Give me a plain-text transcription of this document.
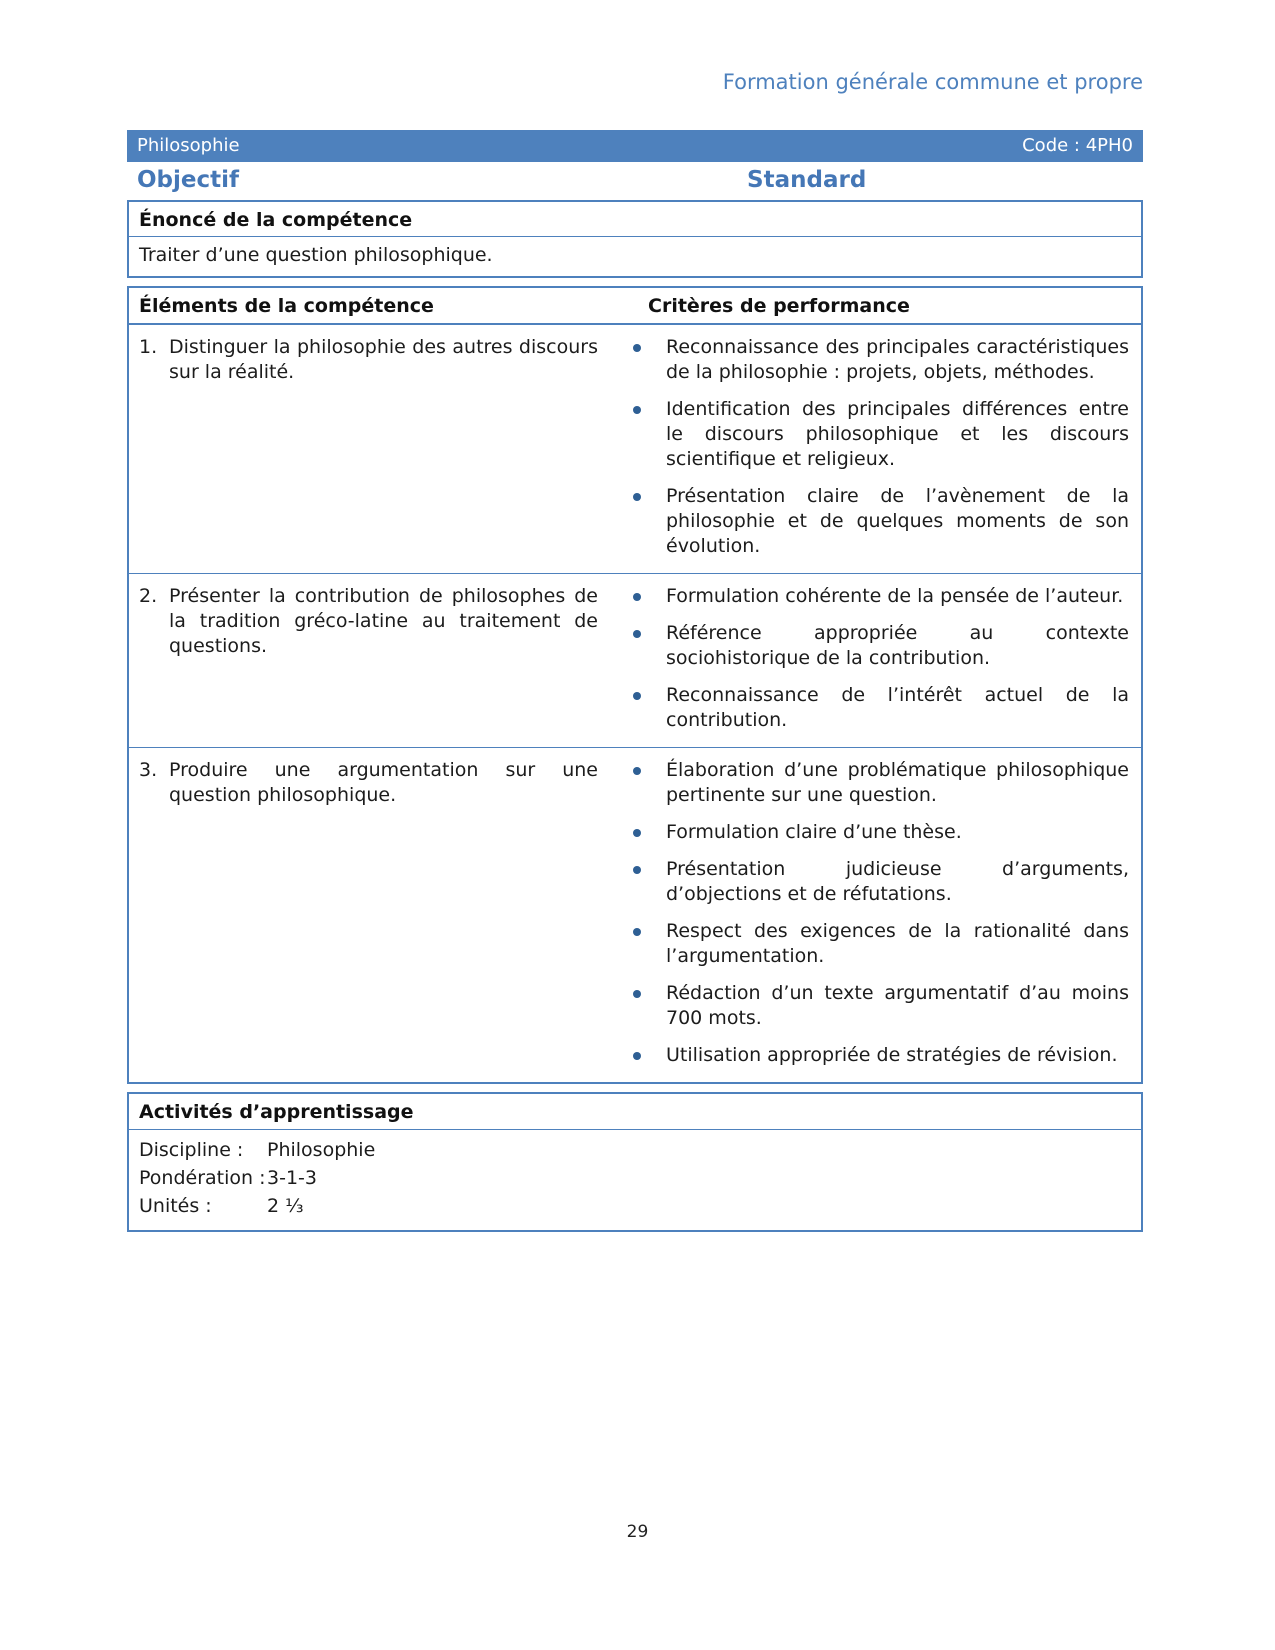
Formation générale commune et propre
Philosophie	Code : 4PH0
Objectif	Standard
Énoncé de la compétence
Traiter d’une question philosophique.
Éléments de la compétence	Critères de performance
1. Distinguer la philosophie des autres discours sur la réalité.
Reconnaissance des principales caractéristiques de la philosophie : projets, objets, méthodes.
Identification des principales différences entre le discours philosophique et les discours scientifique et religieux.
Présentation claire de l’avènement de la philosophie et de quelques moments de son évolution.
2. Présenter la contribution de philosophes de la tradition gréco-latine au traitement de questions.
Formulation cohérente de la pensée de l’auteur.
Référence appropriée au contexte sociohistorique de la contribution.
Reconnaissance de l’intérêt actuel de la contribution.
3. Produire une argumentation sur une question philosophique.
Élaboration d’une problématique philosophique pertinente sur une question.
Formulation claire d’une thèse.
Présentation judicieuse d’arguments, d’objections et de réfutations.
Respect des exigences de la rationalité dans l’argumentation.
Rédaction d’un texte argumentatif d’au moins 700 mots.
Utilisation appropriée de stratégies de révision.
Activités d’apprentissage
Discipline :	Philosophie
Pondération : 3-1-3
Unités :	2 ⅓
29
